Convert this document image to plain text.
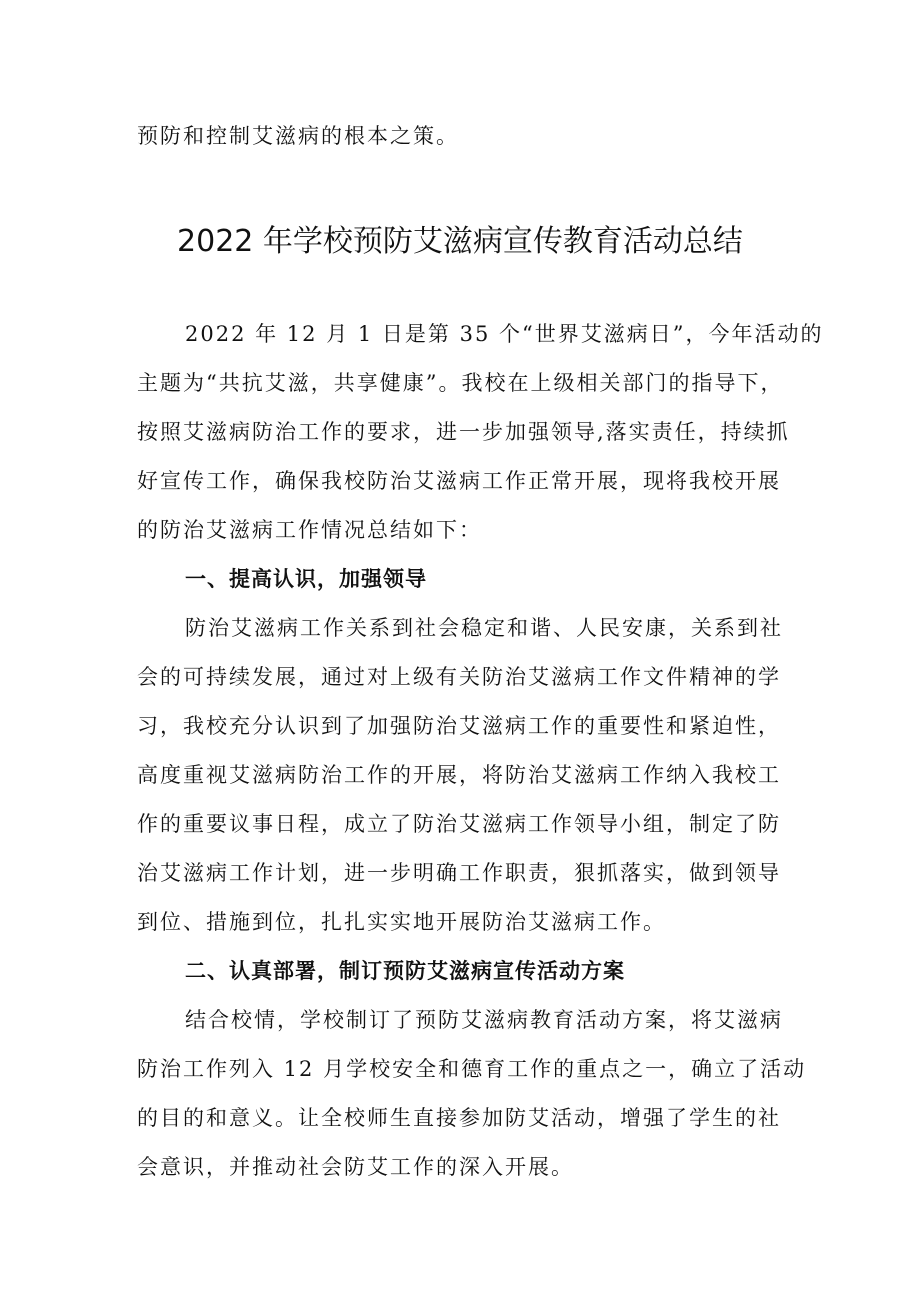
预防和控制艾滋病的根本之策。
2022 年学校预防艾滋病宣传教育活动总结
2022 年 12 月 1 日是第 35 个“世界艾滋病日”，今年活动的
主题为“共抗艾滋，共享健康”。我校在上级相关部门的指导下，
按照艾滋病防治工作的要求，进一步加强领导,落实责任，持续抓
好宣传工作，确保我校防治艾滋病工作正常开展，现将我校开展
的防治艾滋病工作情况总结如下：
一、提高认识，加强领导
防治艾滋病工作关系到社会稳定和谐、人民安康，关系到社
会的可持续发展，通过对上级有关防治艾滋病工作文件精神的学
习，我校充分认识到了加强防治艾滋病工作的重要性和紧迫性，
高度重视艾滋病防治工作的开展，将防治艾滋病工作纳入我校工
作的重要议事日程，成立了防治艾滋病工作领导小组，制定了防
治艾滋病工作计划，进一步明确工作职责，狠抓落实，做到领导
到位、措施到位，扎扎实实地开展防治艾滋病工作。
二、认真部署，制订预防艾滋病宣传活动方案
结合校情，学校制订了预防艾滋病教育活动方案，将艾滋病
防治工作列入 12 月学校安全和德育工作的重点之一，确立了活动
的目的和意义。让全校师生直接参加防艾活动，增强了学生的社
会意识，并推动社会防艾工作的深入开展。
